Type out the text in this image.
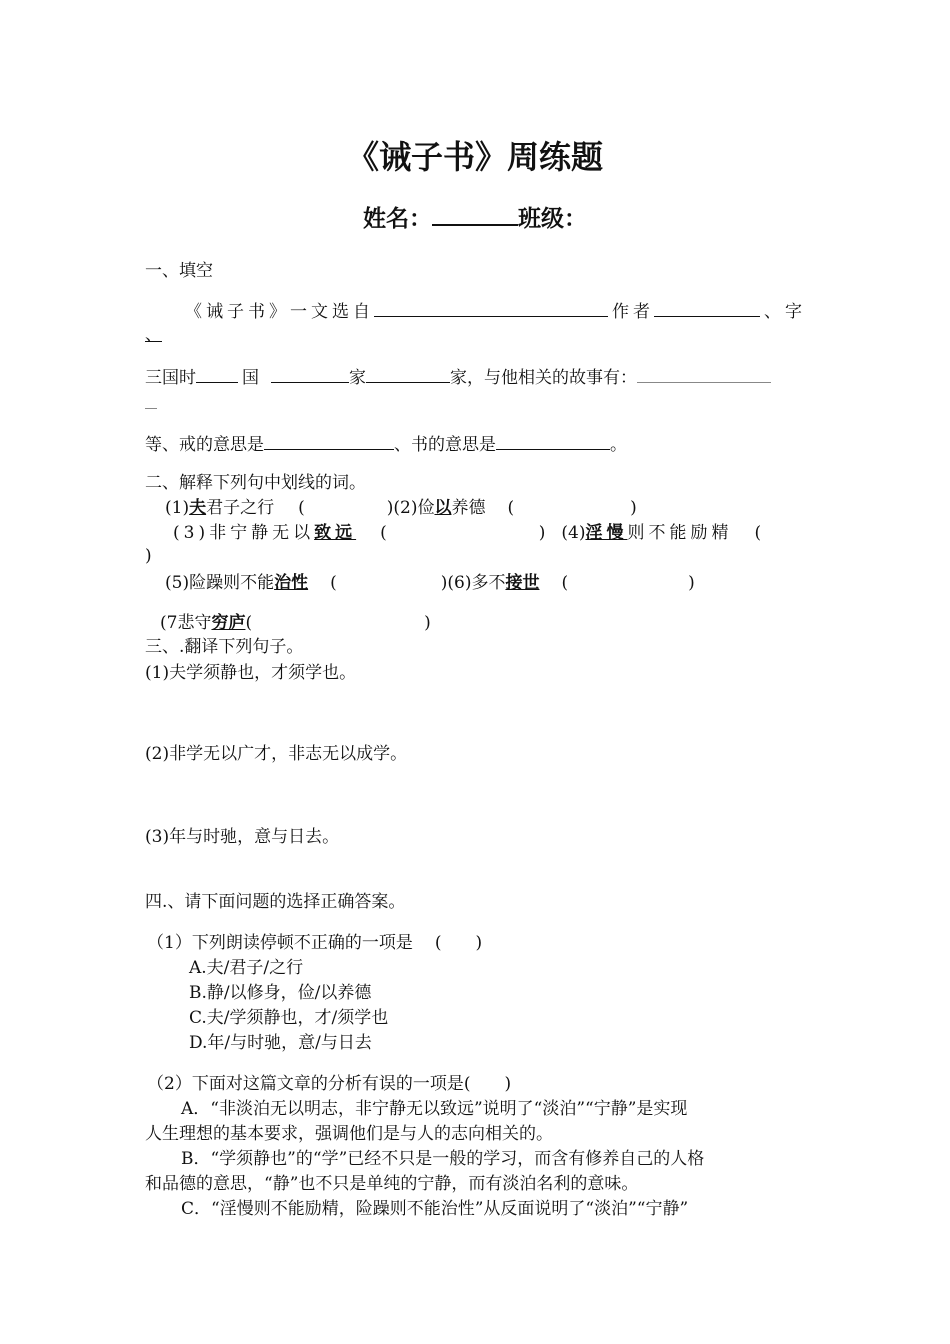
《诫子书》周练题
姓名：	班级：
一、填空
《诫子书》一文选自	作者	、字
、
三国时	国	家	家，与他相关的故事有：
等、戒的意思是	、书的意思是	。
二、解释下列句中划线的词。
(1)夫君子之行 (	)(2)俭以养德 (	)
(3)非宁静无以致远 (	) (4)淫慢则不能励精 (
)
(5)险躁则不能治性 (	)(6)多不接世 (	)
(7悲守穷庐(	)
三、.翻译下列句子。
(1)夫学须静也，才须学也。
(2)非学无以广才，非志无以成学。
(3)年与时驰，意与日去。
四.、请下面问题的选择正确答案。
（1）下列朗读停顿不正确的一项是 (　　)
A.夫/君子/之行
B.静/以修身，俭/以养德
C.夫/学须静也，才/须学也
D.年/与时驰，意/与日去
（2）下面对这篇文章的分析有误的一项是(　　)
A．“非淡泊无以明志，非宁静无以致远”说明了“淡泊”“宁静”是实现
人生理想的基本要求，强调他们是与人的志向相关的。
B．“学须静也”的“学”已经不只是一般的学习，而含有修养自己的人格
和品德的意思，“静”也不只是单纯的宁静，而有淡泊名利的意味。
C．“淫慢则不能励精，险躁则不能治性”从反面说明了“淡泊”“宁静”
